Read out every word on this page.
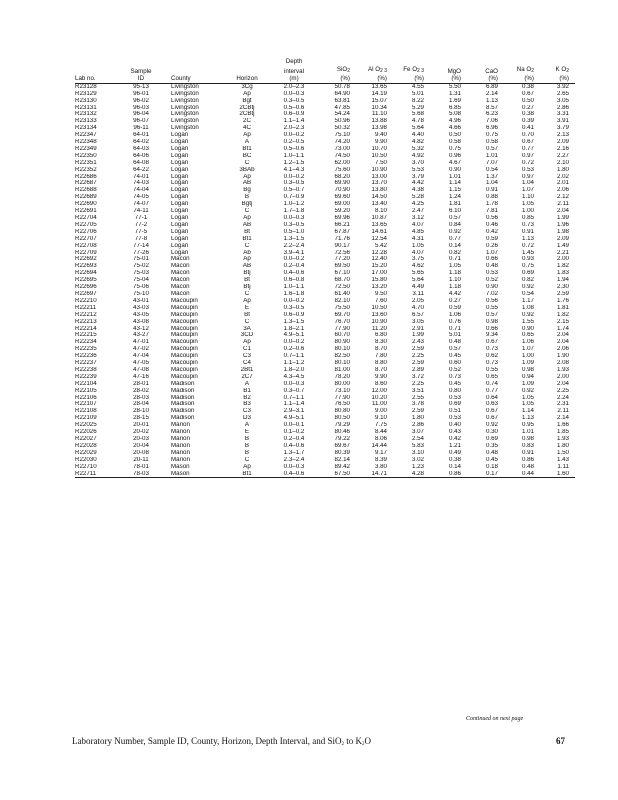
				Depth							
	Sample			interval	SiO$_2$	Al $O_{2 3}$	Fe $O_{2 3}$	MgO	CaO	Na $O_2$	K $O_2$
Lab no.	ID	County	Horizon	(m)	(%)	(%)	(%)	(%)	(%)	(%)	(%)
R23128	95-13	Livingston	3Cg	2.0–2.3	50.78	13.65	4.55	5.50	6.89	0.38	3.92
R23129	96-01	Livingston	Ap	0.0–0.3	64.90	14.19	5.01	1.31	2.14	0.67	2.65
R23130	96-02	Livingston	Bgt	0.3–0.5	63.81	15.07	8.22	1.69	1.13	0.50	3.05
R23131	96-03	Livingston	2CBtj	0.5–0.6	47.85	10.34	5.29	6.85	8.57	0.27	2.86
R23132	96-04	Livingston	2CBtj	0.6–0.9	54.24	11.10	5.68	5.08	6.23	0.38	3.31
R23133	96-07	Livingston	2C	1.1–1.4	50.96	13.88	4.78	4.96	7.06	0.39	3.91
R23134	96-11	Livingston	4C	2.0–2.3	50.32	13.98	5.64	4.66	6.96	0.41	3.79
R22347	64-01	Logan	Ap	0.0–0.2	75.10	9.40	4.40	0.50	0.75	0.70	2.13
R22348	64-02	Logan	A	0.2–0.5	74.20	9.90	4.82	0.58	0.58	0.67	2.09
R22349	64-03	Logan	Bt1	0.5–0.6	73.00	10.70	5.32	0.75	0.57	0.77	2.16
R22350	64-06	Logan	BC	1.0–1.1	74.50	10.50	4.92	0.96	1.01	0.97	2.27
R22351	64-08	Logan	C	1.2–1.5	62.00	7.50	3.70	4.67	7.07	0.72	2.10
R22352	64-22	Logan	3BAb	4.1–4.3	75.60	10.90	5.53	0.90	0.54	0.53	1.80
R22686	74-01	Logan	Ap	0.0–0.2	68.20	13.00	3.79	1.01	1.37	0.97	2.02
R22687	74-03	Logan	AB	0.3–0.5	69.90	13.70	4.42	1.14	1.04	1.04	2.01
R22688	74-04	Logan	Bg	0.5–0.7	70.90	13.80	4.38	1.15	0.91	1.07	2.06
R22689	74-05	Logan	B	0.7–0.9	69.60	14.50	5.28	1.24	0.88	1.10	2.12
R22690	74-07	Logan	Bgtj	1.0–1.2	69.00	13.40	4.25	1.81	1.78	1.05	2.11
R22691	74-11	Logan	C	1.7–1.8	59.20	8.10	2.47	6.10	7.81	1.00	2.04
R22704	77-1	Logan	Ap	0.0–0.3	69.96	10.87	3.12	0.57	0.56	0.85	1.99
R22705	77-2	Logan	AB	0.3–0.5	66.21	13.65	4.07	0.84	0.46	0.73	1.96
R22706	77-5	Logan	Bt	0.5–1.0	67.87	14.61	4.85	0.92	0.42	0.91	1.98
R22707	77-8	Logan	Bt1	1.3–1.5	71.76	12.54	4.31	0.77	0.59	1.13	2.09
R22708	77-14	Logan	C	2.2–2.4	90.17	5.42	1.05	0.14	0.26	0.72	1.49
R22709	77-26	Logan	Ab	3.9–4.1	72.56	12.28	4.07	0.82	1.07	1.45	2.21
R22692	75-01	Macon	Ap	0.0–0.2	77.20	12.40	3.75	0.71	0.66	0.93	2.00
R22693	75-02	Macon	AB	0.2–0.4	69.50	15.20	4.62	1.05	0.48	0.75	1.82
R22694	75-03	Macon	Btj	0.4–0.6	67.10	17.00	5.65	1.18	0.53	0.69	1.83
R22695	75-04	Macon	Bt	0.6–0.8	68.70	15.80	5.64	1.10	0.52	0.82	1.94
R22696	75-06	Macon	Btj	1.0–1.1	72.50	13.20	4.49	1.18	0.90	0.92	2.30
R22697	75-10	Macon	C	1.6–1.8	61.40	9.50	3.11	4.42	7.02	0.54	2.59
R22210	43-01	Macoupin	Ap	0.0–0.2	82.10	7.60	2.05	0.27	0.56	1.17	1.76
R22211	43-03	Macoupin	E	0.3–0.5	75.50	10.50	4.70	0.59	0.55	1.08	1.81
R22212	43-05	Macoupin	Bt	0.6–0.9	69.70	13.60	6.57	1.06	0.57	0.92	1.82
R22213	43-08	Macoupin	C	1.3–1.5	76.70	10.90	3.05	0.76	0.98	1.55	2.15
R22214	43-12	Macoupin	3A	1.8–2.1	77.90	11.20	2.91	0.71	0.66	0.90	1.74
R22215	43-27	Macoupin	3CD	4.9–5.1	60.70	6.80	1.99	5.01	9.34	0.65	2.04
R22234	47-01	Macoupin	Ap	0.0–0.2	80.90	8.30	2.43	0.48	0.67	1.06	2.04
R22235	47-02	Macoupin	C1	0.2–0.6	80.10	8.70	2.59	0.57	0.73	1.07	2.06
R22236	47-04	Macoupin	C3	0.7–1.1	82.50	7.80	2.25	0.45	0.62	1.00	1.90
R22237	47-05	Macoupin	C4	1.1–1.2	80.10	8.80	2.59	0.60	0.73	1.09	2.08
R22238	47-08	Macoupin	2Bt1	1.8–2.0	81.00	8.70	2.89	0.52	0.55	0.98	1.93
R22239	47-16	Macoupin	2C7	4.3–4.5	78.20	9.90	3.72	0.73	0.65	0.94	2.00
R22104	28-01	Madison	A	0.0–0.3	80.00	8.60	2.25	0.45	0.74	1.09	2.04
R22105	28-02	Madison	B1	0.3–0.7	73.10	12.00	3.51	0.80	0.77	0.92	2.25
R22106	28-03	Madison	B2	0.7–1.1	77.90	10.20	2.55	0.53	0.64	1.05	2.24
R22107	28-04	Madison	B3	1.1–1.4	76.50	11.00	3.78	0.69	0.63	1.05	2.31
R22108	28-10	Madison	C3	2.9–3.1	80.80	9.00	2.59	0.51	0.67	1.14	2.11
R22109	28-15	Madison	D3	4.9–5.1	80.50	9.10	1.80	0.53	0.67	1.13	2.14
R22025	20-01	Marion	A	0.0–0.1	79.29	7.75	2.86	0.40	0.92	0.95	1.66
R22026	20-02	Marion	E	0.1–0.2	80.46	8.44	3.07	0.43	0.30	1.01	1.85
R22027	20-03	Marion	B	0.2–0.4	79.22	8.06	2.54	0.42	0.69	0.98	1.93
R22028	20-04	Marion	B	0.4–0.6	69.67	14.44	5.83	1.21	0.35	0.83	1.80
R22029	20-08	Marion	B	1.3–1.7	80.39	9.17	3.10	0.49	0.48	0.91	1.50
R22030	20-11	Marion	C	2.3–2.4	82.14	8.39	3.02	0.38	0.45	0.86	1.43
R22710	78-01	Mason	Ap	0.0–0.3	89.42	3.80	1.23	0.14	0.18	0.48	1.11
R22711	78-03	Mason	Bt1	0.4–0.6	67.50	14.71	4.28	0.86	0.17	0.44	1.60
Continued on next page
Laboratory Number, Sample ID, County, Horizon, Depth Interval, and SiO$_2$ to $K_2O$	67
